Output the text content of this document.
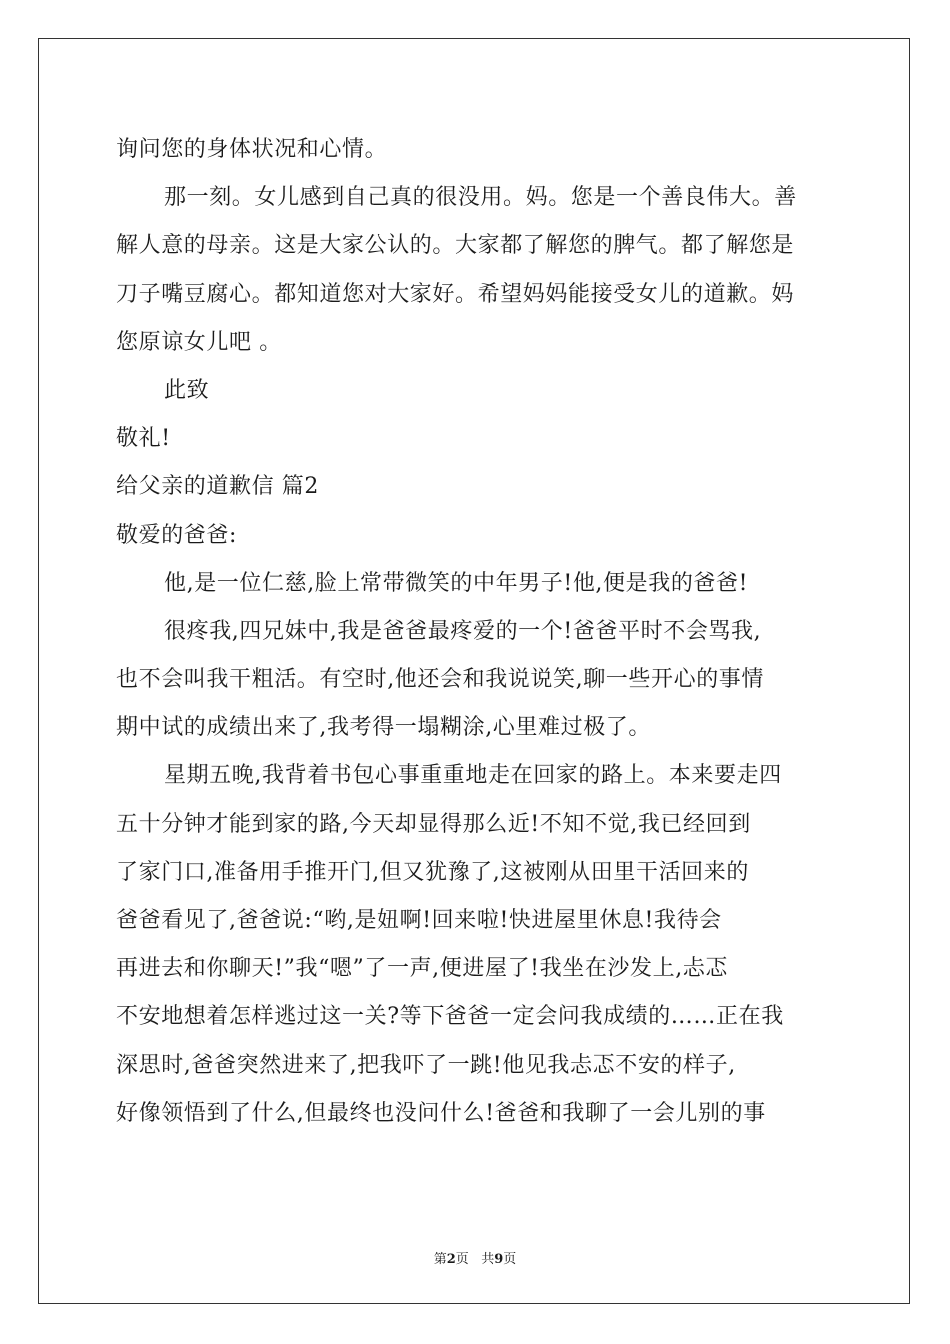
询问您的身体状况和心情。
那一刻。女儿感到自己真的很没用。妈。您是一个善良伟大。善
解人意的母亲。这是大家公认的。大家都了解您的脾气。都了解您是
刀子嘴豆腐心。都知道您对大家好。希望妈妈能接受女儿的道歉。妈
您原谅女儿吧 。
此致
敬礼!
给父亲的道歉信 篇2
敬爱的爸爸:
他,是一位仁慈,脸上常带微笑的中年男子!他,便是我的爸爸!
很疼我,四兄妹中,我是爸爸最疼爱的一个!爸爸平时不会骂我,
也不会叫我干粗活。有空时,他还会和我说说笑,聊一些开心的事情
期中试的成绩出来了,我考得一塌糊涂,心里难过极了。
星期五晚,我背着书包心事重重地走在回家的路上。本来要走四
五十分钟才能到家的路,今天却显得那么近!不知不觉,我已经回到
了家门口,准备用手推开门,但又犹豫了,这被刚从田里干活回来的
爸爸看见了,爸爸说:“哟,是妞啊!回来啦!快进屋里休息!我待会
再进去和你聊天!”我“嗯”了一声,便进屋了!我坐在沙发上,忐忑
不安地想着怎样逃过这一关?等下爸爸一定会问我成绩的……正在我
深思时,爸爸突然进来了,把我吓了一跳!他见我忐忑不安的样子,
好像领悟到了什么,但最终也没问什么!爸爸和我聊了一会儿别的事
第2页 共9页
